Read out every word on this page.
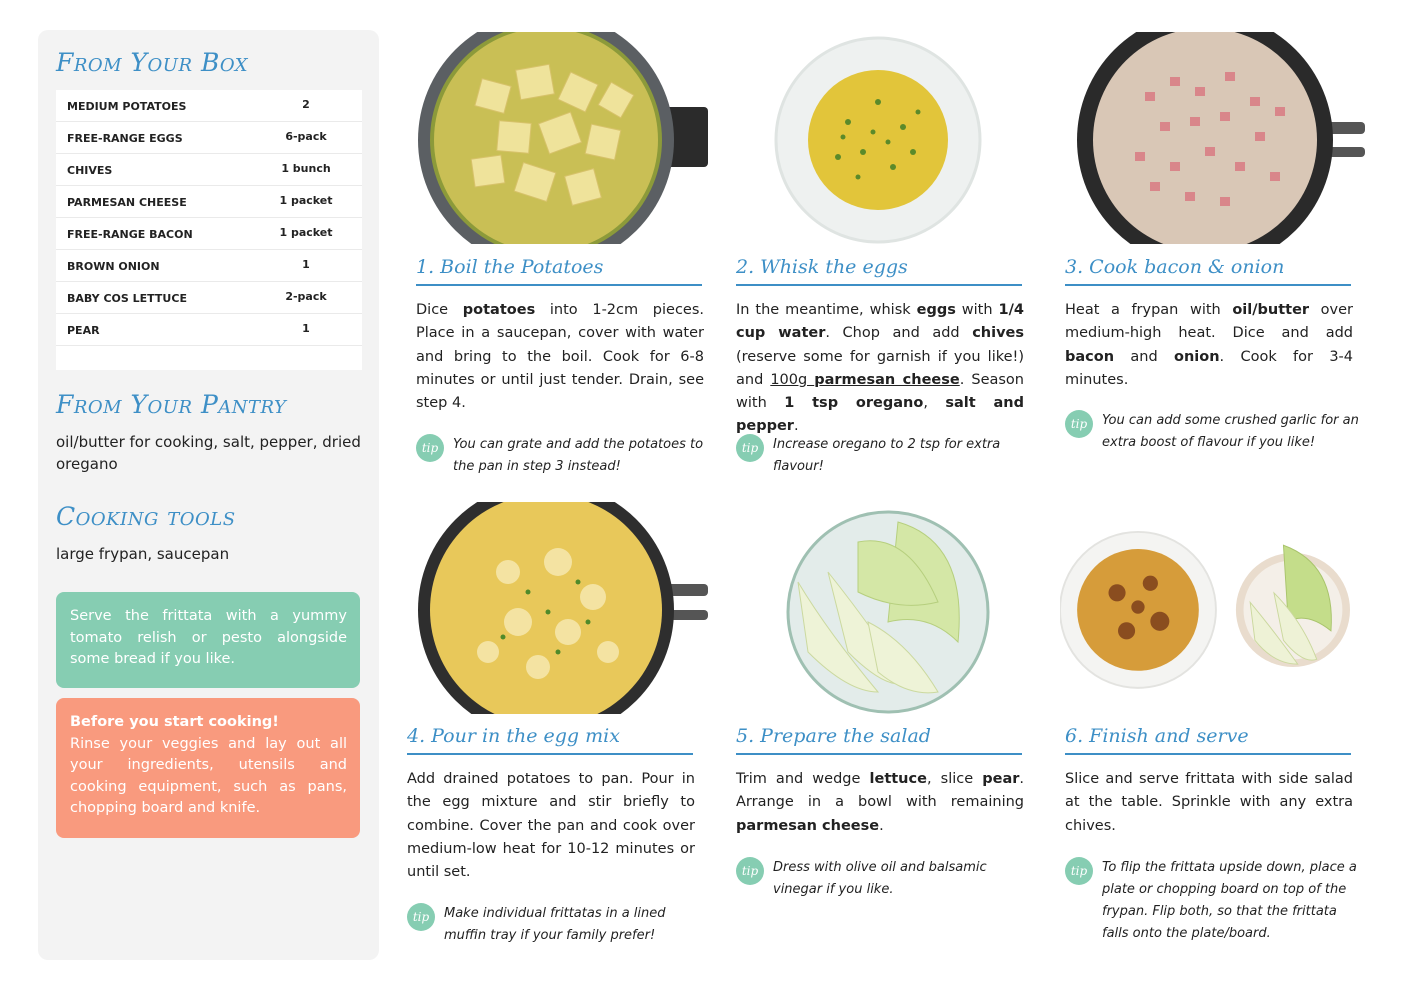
From Your Box
MEDIUM POTATOES	2
FREE-RANGE EGGS	6-pack
CHIVES	1 bunch
PARMESAN CHEESE	1 packet
FREE-RANGE BACON	1 packet
BROWN ONION	1
BABY COS LETTUCE	2-pack
PEAR	1
From Your Pantry
oil/butter for cooking, salt, pepper, dried oregano
Cooking tools
large frypan, saucepan
Serve the frittata with a yummy tomato relish or pesto alongside some bread if you like.
Before you start cooking!
Rinse your veggies and lay out all your ingredients, utensils and cooking equipment, such as pans, chopping board and knife.
1. Boil the Potatoes
Dice potatoes into 1-2cm pieces. Place in a saucepan, cover with water and bring to the boil. Cook for 6-8 minutes or until just tender. Drain, see step 4.
tip	You can grate and add the potatoes to the pan in step 3 instead!
2. Whisk the eggs
In the meantime, whisk eggs with 1/4 cup water. Chop and add chives (reserve some for garnish if you like!) and 100g parmesan cheese. Season with 1 tsp oregano, salt and pepper.
tip	Increase oregano to 2 tsp for extra flavour!
3. Cook bacon & onion
Heat a frypan with oil/butter over medium-high heat. Dice and add bacon and onion. Cook for 3-4 minutes.
tip	You can add some crushed garlic for an extra boost of flavour if you like!
4. Pour in the egg mix
Add drained potatoes to pan. Pour in the egg mixture and stir briefly to combine. Cover the pan and cook over medium-low heat for 10-12 minutes or until set.
tip	Make individual frittatas in a lined muffin tray if your family prefer!
5. Prepare the salad
Trim and wedge lettuce, slice pear. Arrange in a bowl with remaining parmesan cheese.
tip	Dress with olive oil and balsamic vinegar if you like.
6. Finish and serve
Slice and serve frittata with side salad at the table. Sprinkle with any extra chives.
tip	To flip the frittata upside down, place a plate or chopping board on top of the frypan. Flip both, so that the frittata falls onto the plate/board.
